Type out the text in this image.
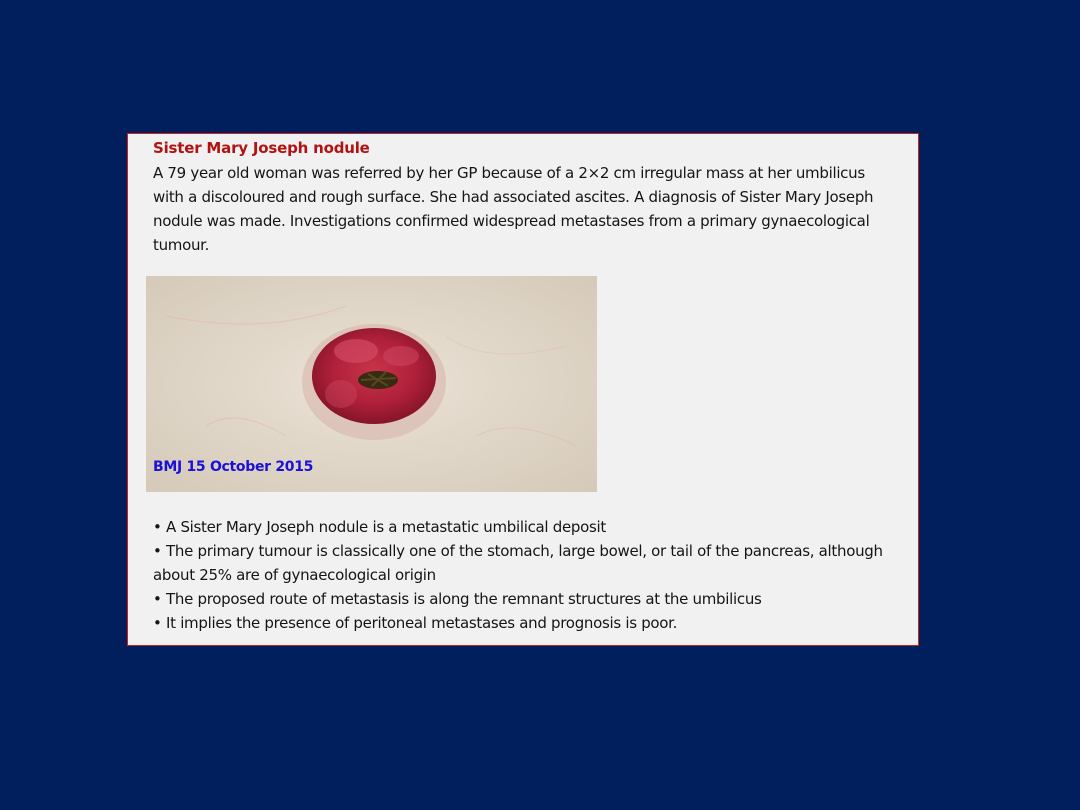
Sister Mary Joseph nodule

A 79 year old woman was referred by her GP because of a 2×2 cm irregular mass at her umbilicus with a discoloured and rough surface. She had associated ascites. A diagnosis of Sister Mary Joseph nodule was made. Investigations confirmed widespread metastases from a primary gynaecological tumour.

BMJ 15 October 2015
• A Sister Mary Joseph nodule is a metastatic umbilical deposit
• The primary tumour is classically one of the stomach, large bowel, or tail of the pancreas, although about 25% are of gynaecological origin
• The proposed route of metastasis is along the remnant structures at the umbilicus
• It implies the presence of peritoneal metastases and prognosis is poor.
